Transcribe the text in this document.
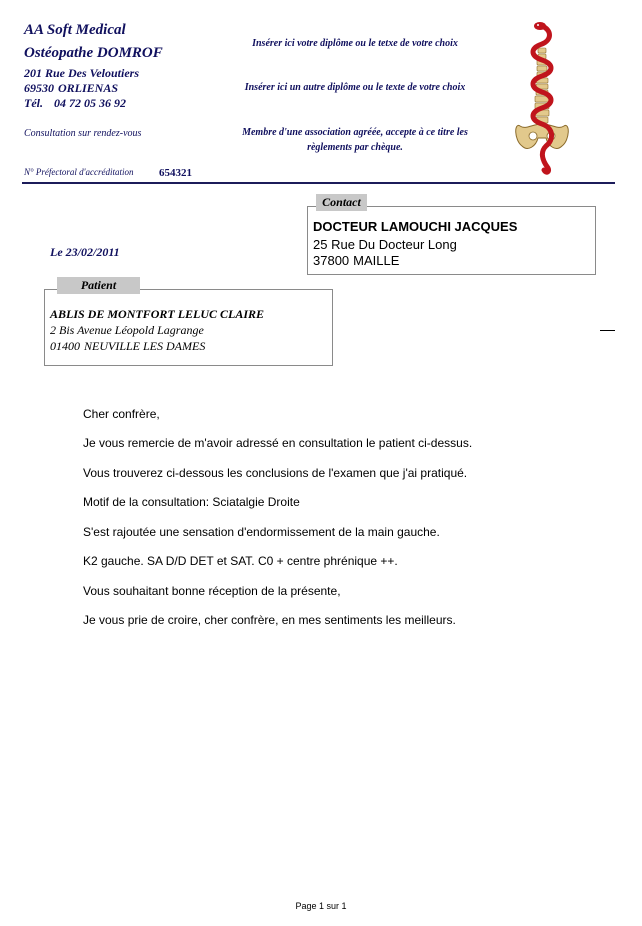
AA Soft Medical
Ostéopathe DOMROF
201 Rue Des Veloutiers
69530 ORLIENAS
Tél. 04 72 05 36 92
Consultation sur rendez-vous
Insérer ici votre diplôme ou le tetxe de votre choix
Insérer ici un autre diplôme ou le texte de votre choix
Membre d'une association agréée, accepte à ce titre les règlements par chèque.
N° Préfectoral d'accréditation 654321
Contact
DOCTEUR LAMOUCHI JACQUES
25 Rue Du Docteur Long
37800 MAILLE
Le 23/02/2011
Patient
ABLIS DE MONTFORT LELUC CLAIRE
2 Bis Avenue Léopold Lagrange
01400 NEUVILLE LES DAMES
Cher confrère,
Je vous remercie de m'avoir adressé en consultation le patient ci-dessus.
Vous trouverez ci-dessous les conclusions de l'examen que j'ai pratiqué.
Motif de la consultation: Sciatalgie Droite
S'est rajoutée une sensation d'endormissement de la main gauche.
K2 gauche. SA D/D DET et SAT. C0 + centre phrénique ++.
Vous souhaitant bonne réception de la présente,
Je vous prie de croire, cher confrère, en mes sentiments les meilleurs.
Page 1 sur 1
